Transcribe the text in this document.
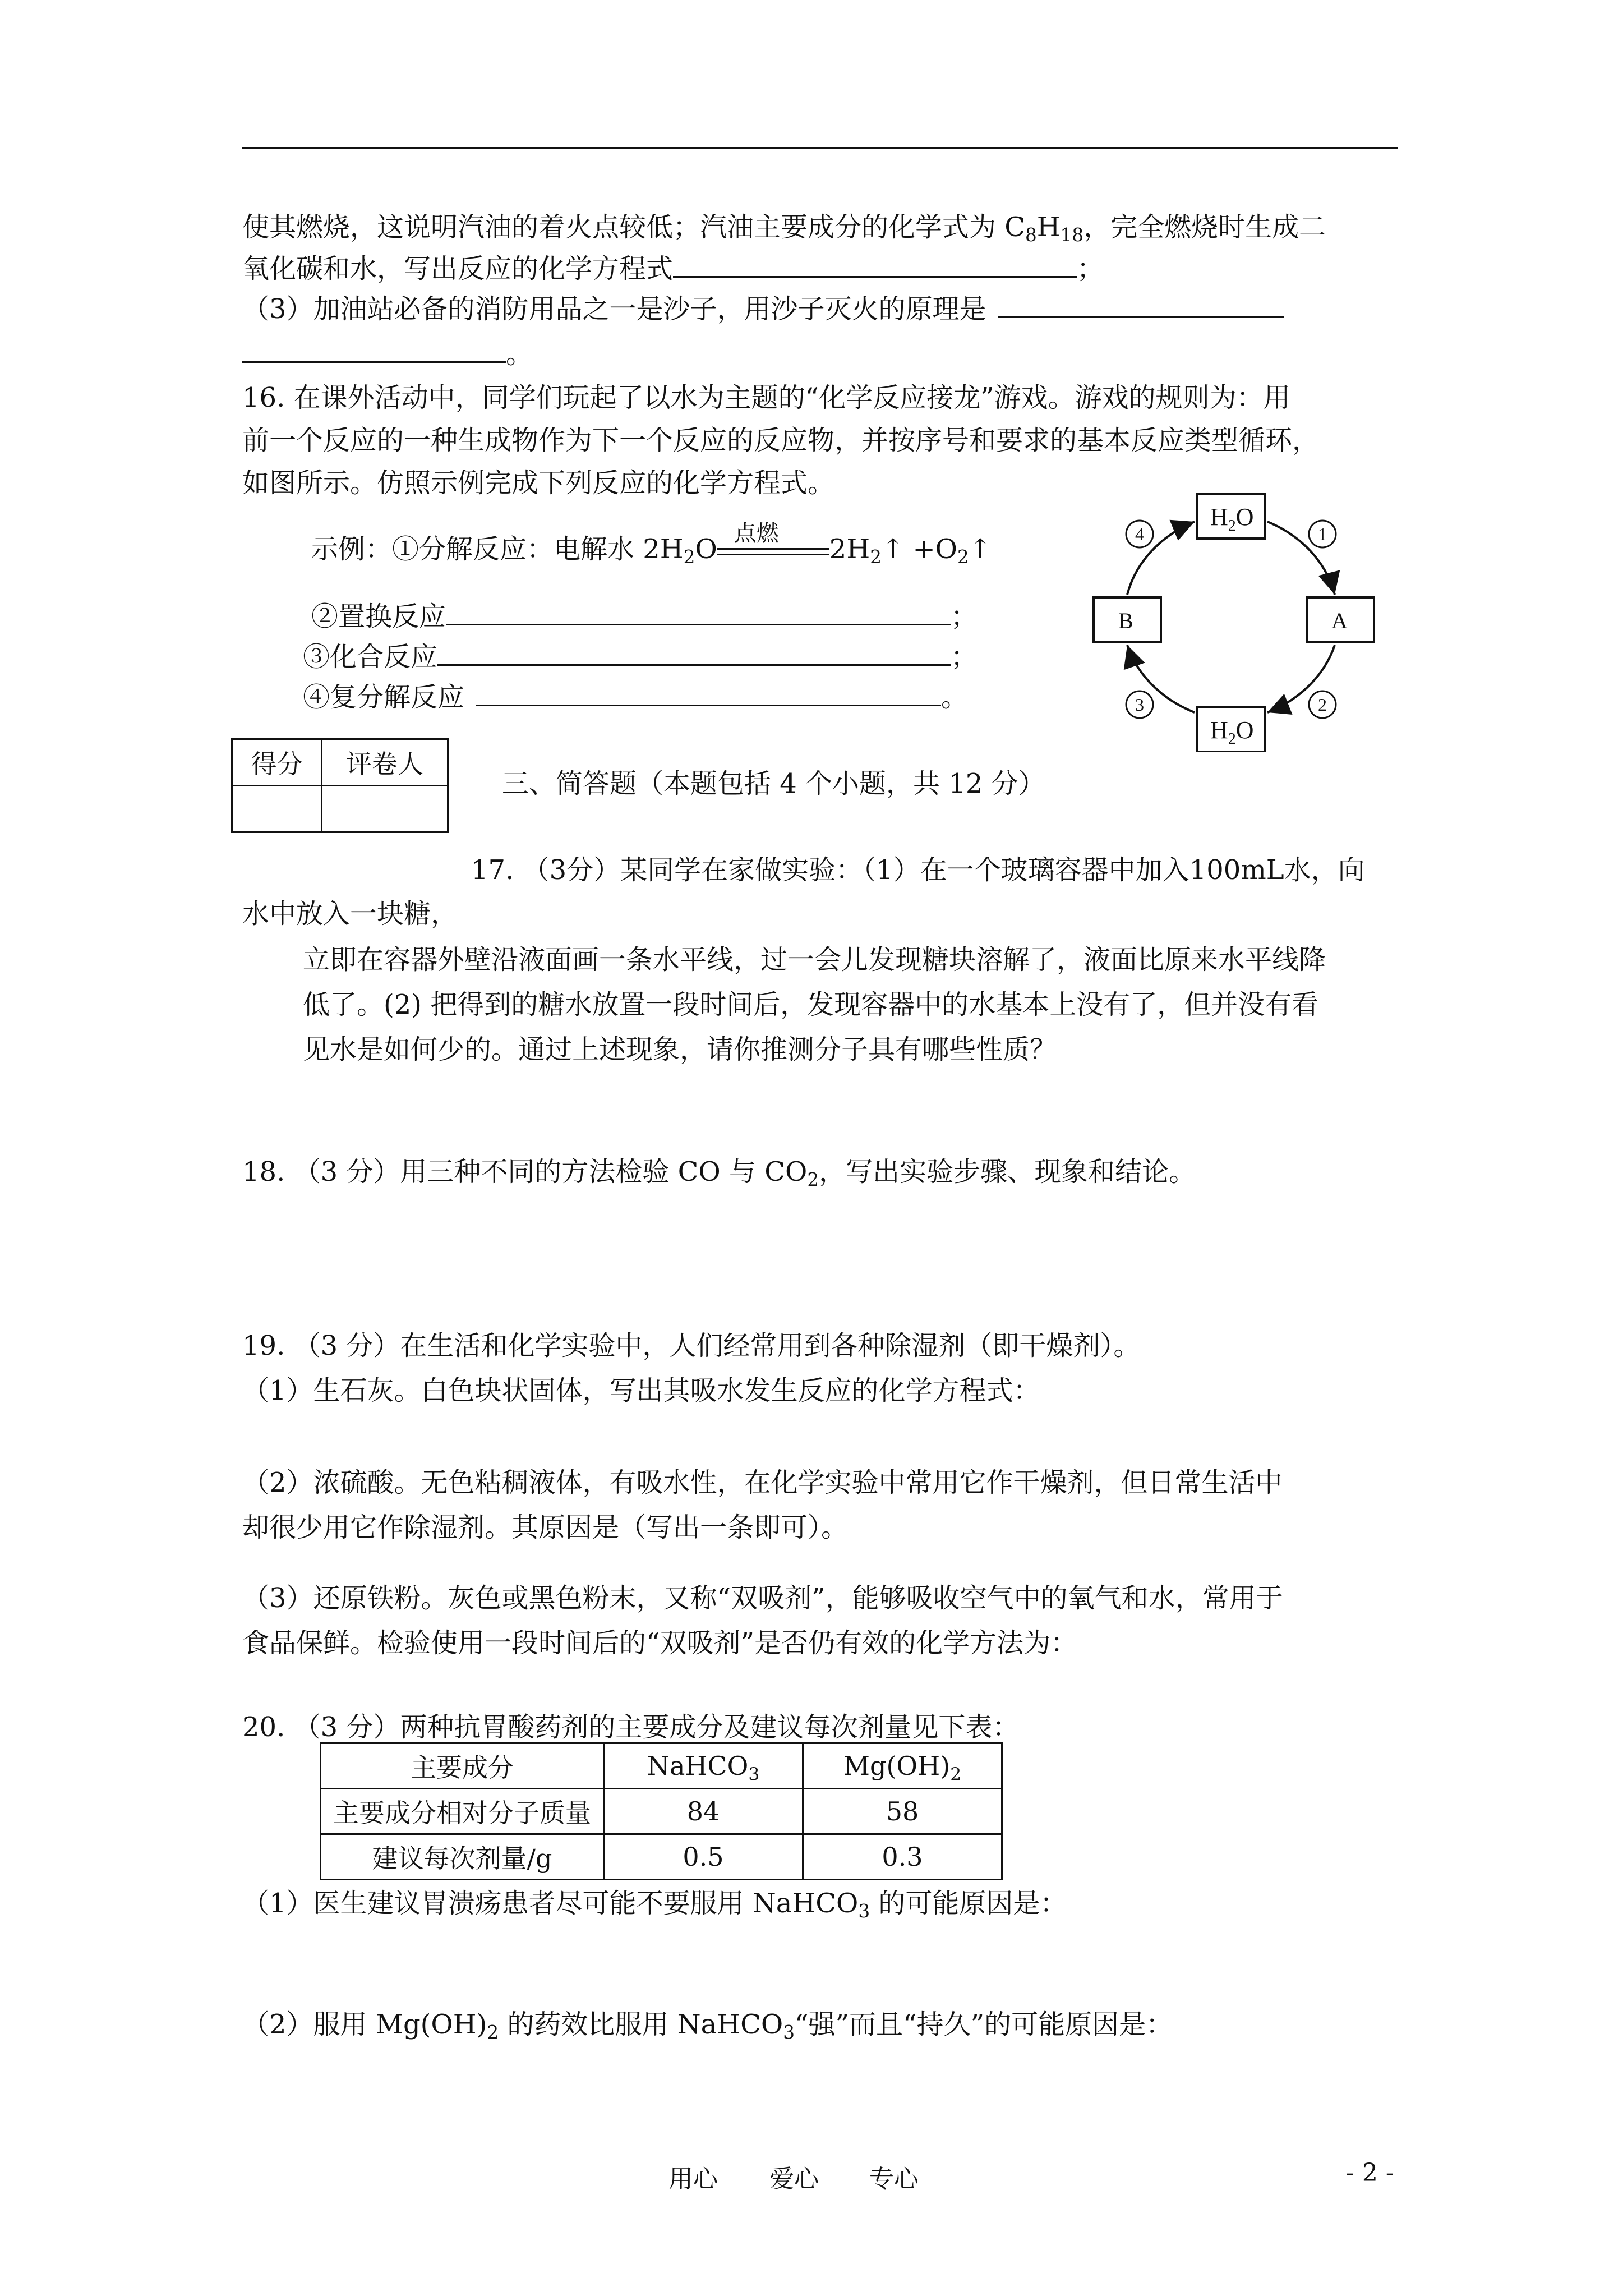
使其燃烧，这说明汽油的着火点较低；汽油主要成分的化学式为 $C_8H_{18}$，完全燃烧时生成二
氧化碳和水，写出反应的化学方程式	；
（3）加油站必备的消防用品之一是沙子，用沙子灭火的原理是
。
16. 在课外活动中，同学们玩起了以水为主题的“化学反应接龙”游戏。游戏的规则为：用
前一个反应的一种生成物作为下一个反应的反应物，并按序号和要求的基本反应类型循环，
如图所示。仿照示例完成下列反应的化学方程式。
示例：①分解反应：电解水 $2H_2O$
点燃
$2H_2↑$ $+O_2↑$
②置换反应	；
③化合反应	；
④复分解反应	。
$H_2O$
$H_2O$
B	A
1
2
3
4
得分	评卷人

三、简答题（本题包括 4 个小题，共 12 分）
17. （3分）某同学在家做实验：（1）在一个玻璃容器中加入100mL水，向
水中放入一块糖，
立即在容器外壁沿液面画一条水平线，过一会儿发现糖块溶解了，液面比原来水平线降
低了。(2) 把得到的糖水放置一段时间后，发现容器中的水基本上没有了，但并没有看
见水是如何少的。通过上述现象，请你推测分子具有哪些性质？
18. （3 分）用三种不同的方法检验 CO 与 $CO_2$，写出实验步骤、现象和结论。
19. （3 分）在生活和化学实验中，人们经常用到各种除湿剂（即干燥剂）。
（1）生石灰。白色块状固体，写出其吸水发生反应的化学方程式：
（2）浓硫酸。无色粘稠液体，有吸水性，在化学实验中常用它作干燥剂，但日常生活中
却很少用它作除湿剂。其原因是（写出一条即可）。
（3）还原铁粉。灰色或黑色粉末，又称“双吸剂”，能够吸收空气中的氧气和水，常用于
食品保鲜。检验使用一段时间后的“双吸剂”是否仍有效的化学方法为：
20. （3 分）两种抗胃酸药剂的主要成分及建议每次剂量见下表：
主要成分	NaHCO$_3$	$Mg(OH)_2$
主要成分相对分子质量	84	58
建议每次剂量/g	0.5	0.3
（1）医生建议胃溃疡患者尽可能不要服用 NaHCO$_3$ 的可能原因是：
（2）服用 $Mg(OH)_2$ 的药效比服用 NaHCO$_3$“强”而且“持久”的可能原因是：
用心 爱心 专心	- 2 -
